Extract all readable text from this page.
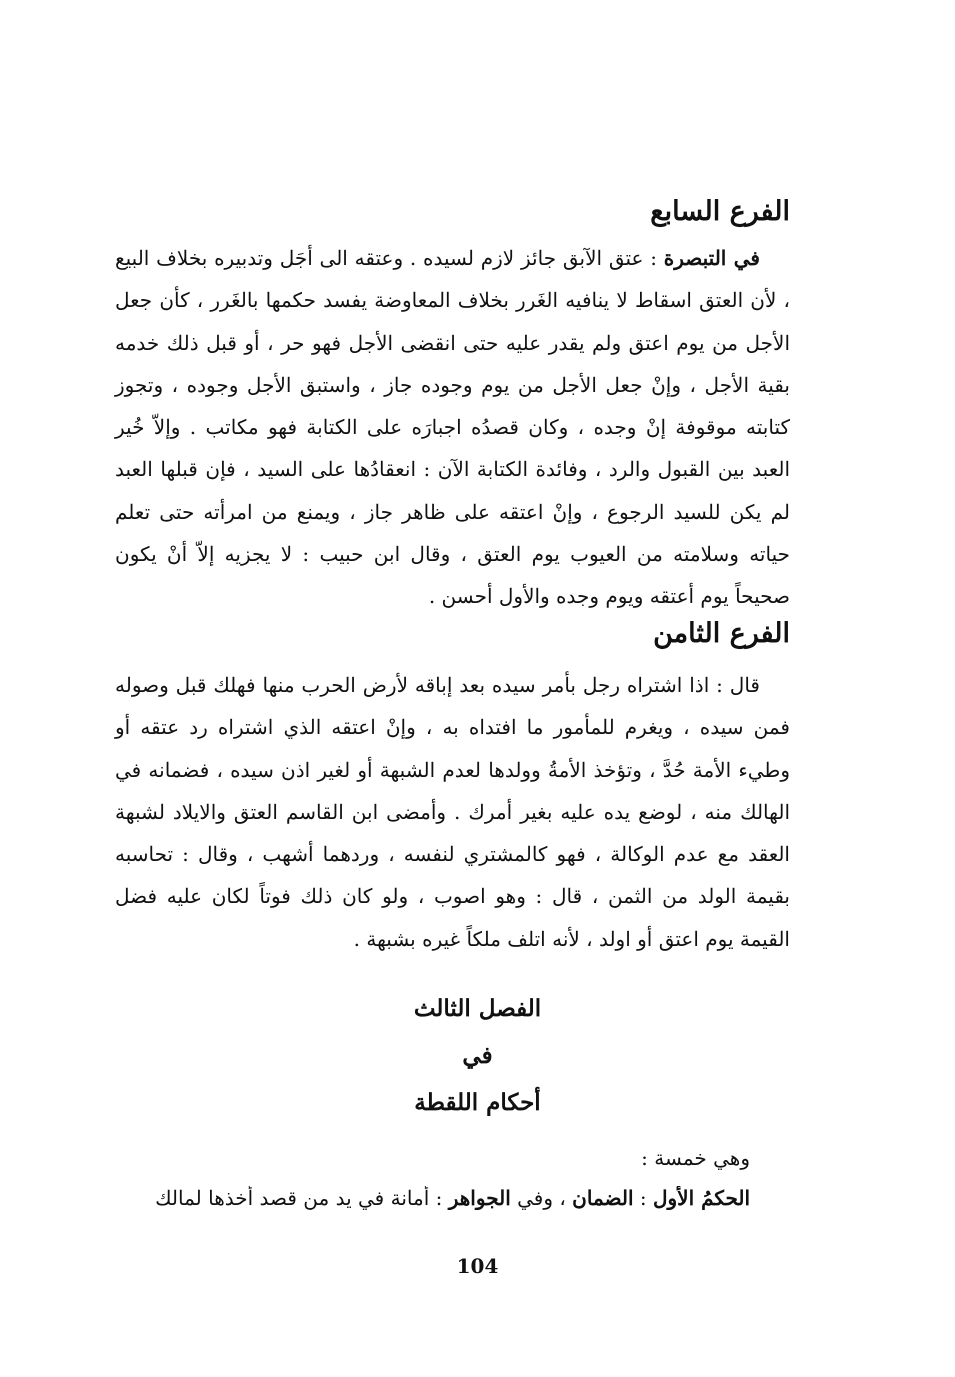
الفرع السابع

في التبصرة : عتق الآبق جائز لازم لسيده . وعتقه الى أجَل وتدبيره بخلاف البيع ، لأن العتق اسقاط لا ينافيه الغَرر بخلاف المعاوضة يفسد حكمها بالغَرر ، كأن جعل الأجل من يوم اعتق ولم يقدر عليه حتى انقضى الأجل فهو حر ، أو قبل ذلك خدمه بقية الأجل ، وإنْ جعل الأجل من يوم وجوده جاز ، واستبق الأجل وجوده ، وتجوز كتابته موقوفة إنْ وجده ، وكان قصدُه اجبارَه على الكتابة فهو مكاتب . وإلاّ خُير العبد بين القبول والرد ، وفائدة الكتابة الآن : انعقادُها على السيد ، فإن قبلها العبد لم يكن للسيد الرجوع ، وإنْ اعتقه على ظاهر جاز ، ويمنع من امرأته حتى تعلم حياته وسلامته من العيوب يوم العتق ، وقال ابن حبيب : لا يجزيه إلاّ أنْ يكون صحيحاً يوم أعتقه ويوم وجده والأول أحسن .

الفرع الثامن

قال : اذا اشتراه رجل بأمر سيده بعد إباقه لأرض الحرب منها فهلك قبل وصوله فمن سيده ، ويغرم للمأمور ما افتداه به ، وإنْ اعتقه الذي اشتراه رد عتقه أو وطيء الأمة حُدَّ ، وتؤخذ الأمةُ وولدها لعدم الشبهة أو لغير اذن سيده ، فضمانه في الهالك منه ، لوضع يده عليه بغير أمرك . وأمضى ابن القاسم العتق والايلاد لشبهة العقد مع عدم الوكالة ، فهو كالمشتري لنفسه ، وردهما أشهب ، وقال : تحاسبه بقيمة الولد من الثمن ، قال : وهو اصوب ، ولو كان ذلك فوتاً لكان عليه فضل القيمة يوم اعتق أو اولد ، لأنه اتلف ملكاً غيره بشبهة .

الفصل الثالث
في
أحكام اللقطة
وهي خمسة :
الحكمُ الأول : الضمان ، وفي الجواهر : أمانة في يد من قصد أخذها لمالك
104
